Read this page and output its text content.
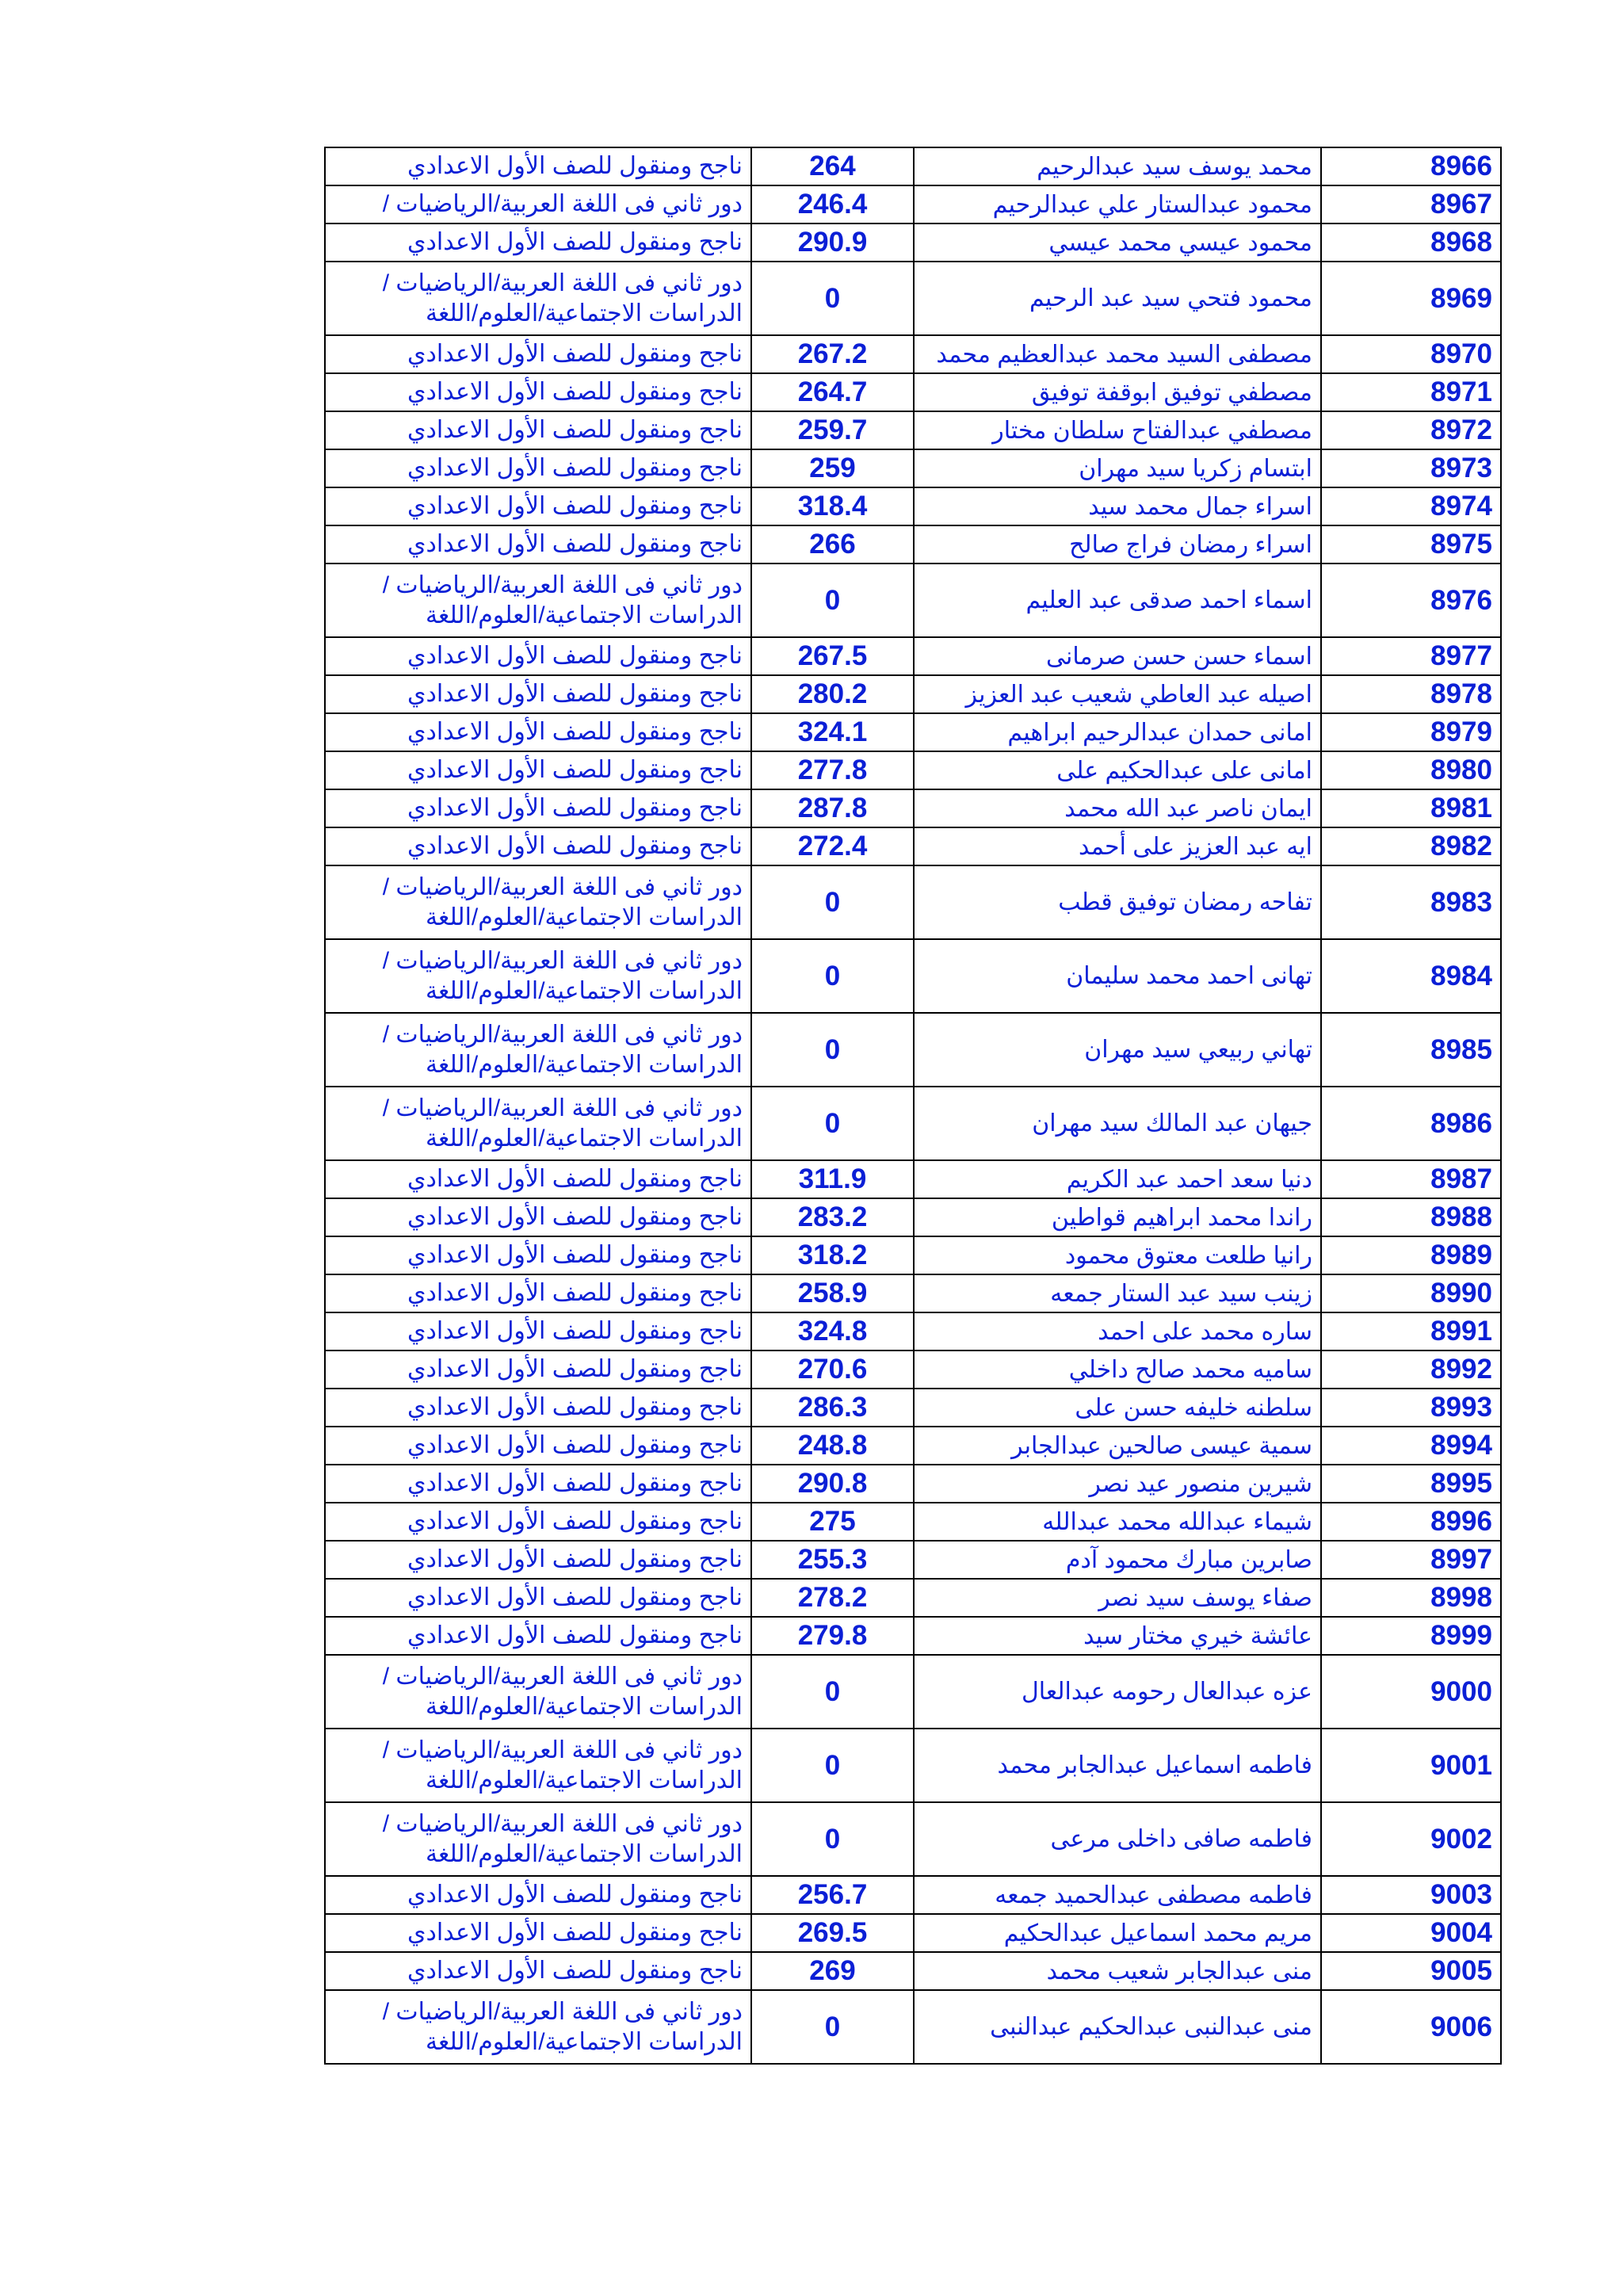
ناجح ومنقول للصف الأول الاعدادي	264	محمد يوسف سيد عبدالرحيم	8966
دور ثاني فى اللغة العربية/الرياضيات /	246.4	محمود عبدالستار علي عبدالرحيم	8967
ناجح ومنقول للصف الأول الاعدادي	290.9	محمود عيسي محمد عيسي	8968
دور ثاني فى اللغة العربية/الرياضيات / الدراسات الاجتماعية/العلوم/اللغة	0	محمود فتحي سيد عبد الرحيم	8969
ناجح ومنقول للصف الأول الاعدادي	267.2	مصطفى السيد محمد عبدالعظيم محمد	8970
ناجح ومنقول للصف الأول الاعدادي	264.7	مصطفي توفيق ابوقفة توفيق	8971
ناجح ومنقول للصف الأول الاعدادي	259.7	مصطفي عبدالفتاح سلطان مختار	8972
ناجح ومنقول للصف الأول الاعدادي	259	ابتسام زكريا سيد مهران	8973
ناجح ومنقول للصف الأول الاعدادي	318.4	اسراء جمال محمد سيد	8974
ناجح ومنقول للصف الأول الاعدادي	266	اسراء رمضان فراج صالح	8975
دور ثاني فى اللغة العربية/الرياضيات / الدراسات الاجتماعية/العلوم/اللغة	0	اسماء احمد صدقى عبد العليم	8976
ناجح ومنقول للصف الأول الاعدادي	267.5	اسماء حسن حسن صرمانى	8977
ناجح ومنقول للصف الأول الاعدادي	280.2	اصيله عبد العاطي شعيب عبد العزيز	8978
ناجح ومنقول للصف الأول الاعدادي	324.1	امانى حمدان عبدالرحيم ابراهيم	8979
ناجح ومنقول للصف الأول الاعدادي	277.8	امانى على عبدالحكيم على	8980
ناجح ومنقول للصف الأول الاعدادي	287.8	ايمان ناصر عبد الله محمد	8981
ناجح ومنقول للصف الأول الاعدادي	272.4	ايه عبد العزيز على أحمد	8982
دور ثاني فى اللغة العربية/الرياضيات / الدراسات الاجتماعية/العلوم/اللغة	0	تفاحه رمضان توفيق قطب	8983
دور ثاني فى اللغة العربية/الرياضيات / الدراسات الاجتماعية/العلوم/اللغة	0	تهانى احمد محمد سليمان	8984
دور ثاني فى اللغة العربية/الرياضيات / الدراسات الاجتماعية/العلوم/اللغة	0	تهاني ربيعي سيد مهران	8985
دور ثاني فى اللغة العربية/الرياضيات / الدراسات الاجتماعية/العلوم/اللغة	0	جيهان عبد المالك سيد مهران	8986
ناجح ومنقول للصف الأول الاعدادي	311.9	دنيا سعد احمد عبد الكريم	8987
ناجح ومنقول للصف الأول الاعدادي	283.2	راندا محمد ابراهيم قواطين	8988
ناجح ومنقول للصف الأول الاعدادي	318.2	رانيا طلعت معتوق محمود	8989
ناجح ومنقول للصف الأول الاعدادي	258.9	زينب سيد عبد الستار جمعه	8990
ناجح ومنقول للصف الأول الاعدادي	324.8	ساره محمد على احمد	8991
ناجح ومنقول للصف الأول الاعدادي	270.6	ساميه محمد صالح داخلي	8992
ناجح ومنقول للصف الأول الاعدادي	286.3	سلطنه خليفه حسن على	8993
ناجح ومنقول للصف الأول الاعدادي	248.8	سمية عيسى صالحين عبدالجابر	8994
ناجح ومنقول للصف الأول الاعدادي	290.8	شيرين منصور عيد نصر	8995
ناجح ومنقول للصف الأول الاعدادي	275	شيماء عبدالله محمد عبدالله	8996
ناجح ومنقول للصف الأول الاعدادي	255.3	صابرين مبارك محمود آدم	8997
ناجح ومنقول للصف الأول الاعدادي	278.2	صفاء يوسف سيد نصر	8998
ناجح ومنقول للصف الأول الاعدادي	279.8	عائشة خيري مختار سيد	8999
دور ثاني فى اللغة العربية/الرياضيات / الدراسات الاجتماعية/العلوم/اللغة	0	عزه عبدالعال رحومه عبدالعال	9000
دور ثاني فى اللغة العربية/الرياضيات / الدراسات الاجتماعية/العلوم/اللغة	0	فاطمه اسماعيل عبدالجابر محمد	9001
دور ثاني فى اللغة العربية/الرياضيات / الدراسات الاجتماعية/العلوم/اللغة	0	فاطمه صافى داخلى مرعى	9002
ناجح ومنقول للصف الأول الاعدادي	256.7	فاطمه مصطفى عبدالحميد جمعه	9003
ناجح ومنقول للصف الأول الاعدادي	269.5	مريم محمد اسماعيل عبدالحكيم	9004
ناجح ومنقول للصف الأول الاعدادي	269	منى عبدالجابر شعيب محمد	9005
دور ثاني فى اللغة العربية/الرياضيات / الدراسات الاجتماعية/العلوم/اللغة	0	منى عبدالنبى عبدالحكيم عبدالنبى	9006
